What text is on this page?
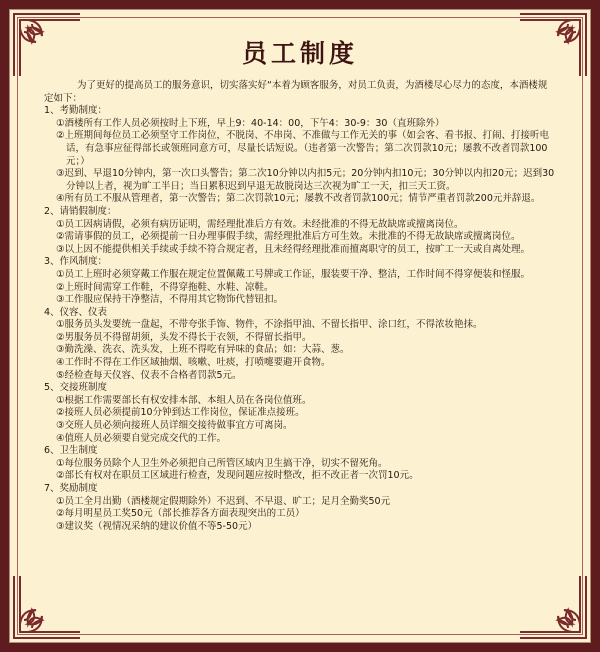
员工制度

为了更好的提高员工的服务意识，切实落实好“本着为顾客服务，对员工负责，为酒楼尽心尽力的态度，本酒楼规定如下：

1、考勤制度：
①酒楼所有工作人员必须按时上下班，早上9：40-14：00，下午4：30-9：30（直班除外）
②上班期间每位员工必须坚守工作岗位，不脱岗、不串岗、不准做与工作无关的事（如会客、看书报、打闹、打接听电话，有急事应征得部长或领班同意方可，尽量长话短说。（违者第一次警告；第二次罚款10元；屡教不改者罚款100元；）
③迟到、早退10分钟内，第一次口头警告；第二次10分钟以内扣5元；20分钟内扣10元；30分钟以内扣20元；迟到30分钟以上者，视为旷工半日；当日累积迟到早退无故脱岗达三次视为旷工一天，扣三天工资。
④所有员工不服从管理者，第一次警告；第二次罚款10元；屡教不改者罚款100元；情节严重者罚款200元并辞退。
2、请销假制度：
①员工因病请假，必须有病历证明，需经理批准后方有效。未经批准的不得无故缺席或擅离岗位。
②需请事假的员工，必须提前一日办理事假手续，需经理批准后方可生效。未批准的不得无故缺席或擅离岗位。
③以上因不能提供相关手续或手续不符合规定者，且未经得经理批准而擅离职守的员工，按旷工一天或自离处理。
3、作风制度：
①员工上班时必须穿戴工作服在规定位置佩戴工号牌或工作证，服装要干净、整洁，工作时间不得穿便装和怪服。
②上班时间需穿工作鞋，不得穿拖鞋、水鞋、凉鞋。
③工作服应保持干净整洁，不得用其它物饰代替钮扣。
4、仪容、仪表
①服务员头发要统一盘起，不带夸张手饰、物件，不涂指甲油、不留长指甲、涂口红，不得浓妆艳抹。
②男服务员不得留胡须，头发不得长于衣领，不得留长指甲。
③勤洗澡、洗衣、洗头发，上班不得吃有异味的食品；如：大蒜、葱。
④工作时不得在工作区域抽烟、咳嗽、吐痰，打喷嚏要避开食物。
⑤经检查每天仪容、仪表不合格者罚款5元。
5、交接班制度
①根据工作需要部长有权安排本部、本组人员在各岗位值班。
②接班人员必须提前10分钟到达工作岗位，保证准点接班。
③交班人员必须向接班人员详细交接待做事宜方可离岗。
④值班人员必须要自觉完成交代的工作。
6、卫生制度
①每位服务员除个人卫生外必须把自己所管区域内卫生搞干净，切实不留死角。
②部长有权对在职员工区域进行检查，发现问题应按时整改，拒不改正者一次罚10元。
7、奖励制度
①员工全月出勤（酒楼规定假期除外）不迟到、不早退、旷工；足月全勤奖50元
②每月明星员工奖50元（部长推荐各方面表现突出的工员）
③建议奖（视情况采纳的建议价值不等5-50元）
